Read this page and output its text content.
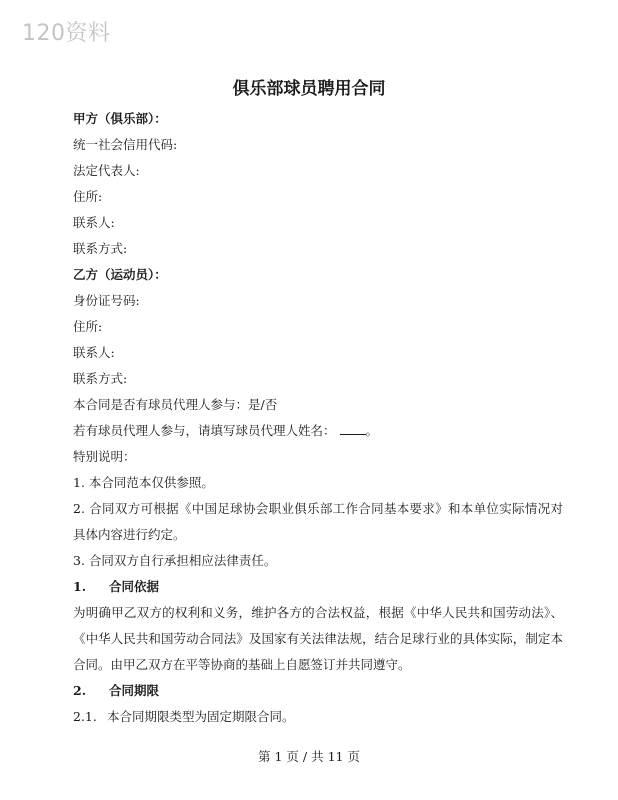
120资料
俱乐部球员聘用合同
甲方（俱乐部）：
统一社会信用代码:
法定代表人:
住所:
联系人:
联系方式:
乙方（运动员）：
身份证号码:
住所:
联系人:
联系方式:
本合同是否有球员代理人参与：是/否
若有球员代理人参与，请填写球员代理人姓名： 。
特别说明：
1. 本合同范本仅供参照。
2. 合同双方可根据《中国足球协会职业俱乐部工作合同基本要求》和本单位实际情况对具体内容进行约定。
3. 合同双方自行承担相应法律责任。
1. 合同依据
为明确甲乙双方的权利和义务，维护各方的合法权益，根据《中华人民共和国劳动法》、《中华人民共和国劳动合同法》及国家有关法律法规，结合足球行业的具体实际，制定本合同。由甲乙双方在平等协商的基础上自愿签订并共同遵守。
2. 合同期限
2.1. 本合同期限类型为固定期限合同。
第 1 页 / 共 11 页
